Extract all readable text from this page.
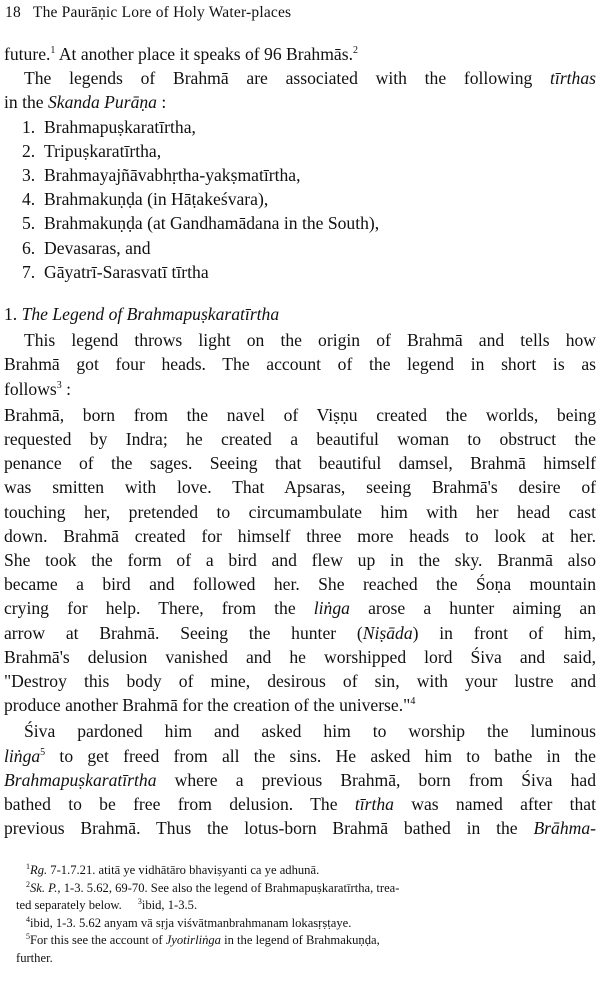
18 The Paurāṇic Lore of Holy Water-places

future.$^1$ At another place it speaks of 96 Brahmās.$^2$

The legends of Brahmā are associated with the following tīrthas

in the Skanda Purāṇa :

1. Brahmapuṣkaratīrtha,
2. Tripuṣkaratīrtha,
3. Brahmayajñāvabhṛtha-yakṣmatīrtha,
4. Brahmakuṇḍa (in Hāṭakeśvara),
5. Brahmakuṇḍa (at Gandhamādana in the South),
6. Devasaras, and
7. Gāyatrī-Sarasvatī tīrtha

1. The Legend of Brahmapuṣkaratīrtha

This legend throws light on the origin of Brahmā and tells how

Brahmā got four heads. The account of the legend in short is as

follows$^3$ :

Brahmā, born from the navel of Viṣṇu created the worlds, being

requested by Indra; he created a beautiful woman to obstruct the

penance of the sages. Seeing that beautiful damsel, Brahmā himself

was smitten with love. That Apsaras, seeing Brahmā's desire of

touching her, pretended to circumambulate him with her head cast

down. Brahmā created for himself three more heads to look at her.

She took the form of a bird and flew up in the sky. Branmā also

became a bird and followed her. She reached the Śoṇa mountain

crying for help. There, from the liṅga arose a hunter aiming an

arrow at Brahmā. Seeing the hunter (Niṣāda) in front of him,

Brahmā's delusion vanished and he worshipped lord Śiva and said,

"Destroy this body of mine, desirous of sin, with your lustre and

produce another Brahmā for the creation of the universe."$^4$

Śiva pardoned him and asked him to worship the luminous

liṅga$^5$ to get freed from all the sins. He asked him to bathe in the

Brahmapuṣkaratīrtha where a previous Brahmā, born from Śiva had

bathed to be free from delusion. The tīrtha was named after that

previous Brahmā. Thus the lotus-born Brahmā bathed in the Brāhma-

$^1$Rg. 7-1.7.21. atitā ye vidhātāro bhaviṣyanti ca ye adhunā.

$^2$Sk. P., 1-3. 5.62, 69-70. See also the legend of Brahmapuṣkaratīrtha, trea-

ted separately below. $^3$ibid, 1-3.5.

$^4$ibid, 1-3. 5.62 anyam vā sṛja viśvātmanbrahmanam lokasṛṣṭaye.

$^5$For this see the account of Jyotirliṅga in the legend of Brahmakuṇḍa,

further.
